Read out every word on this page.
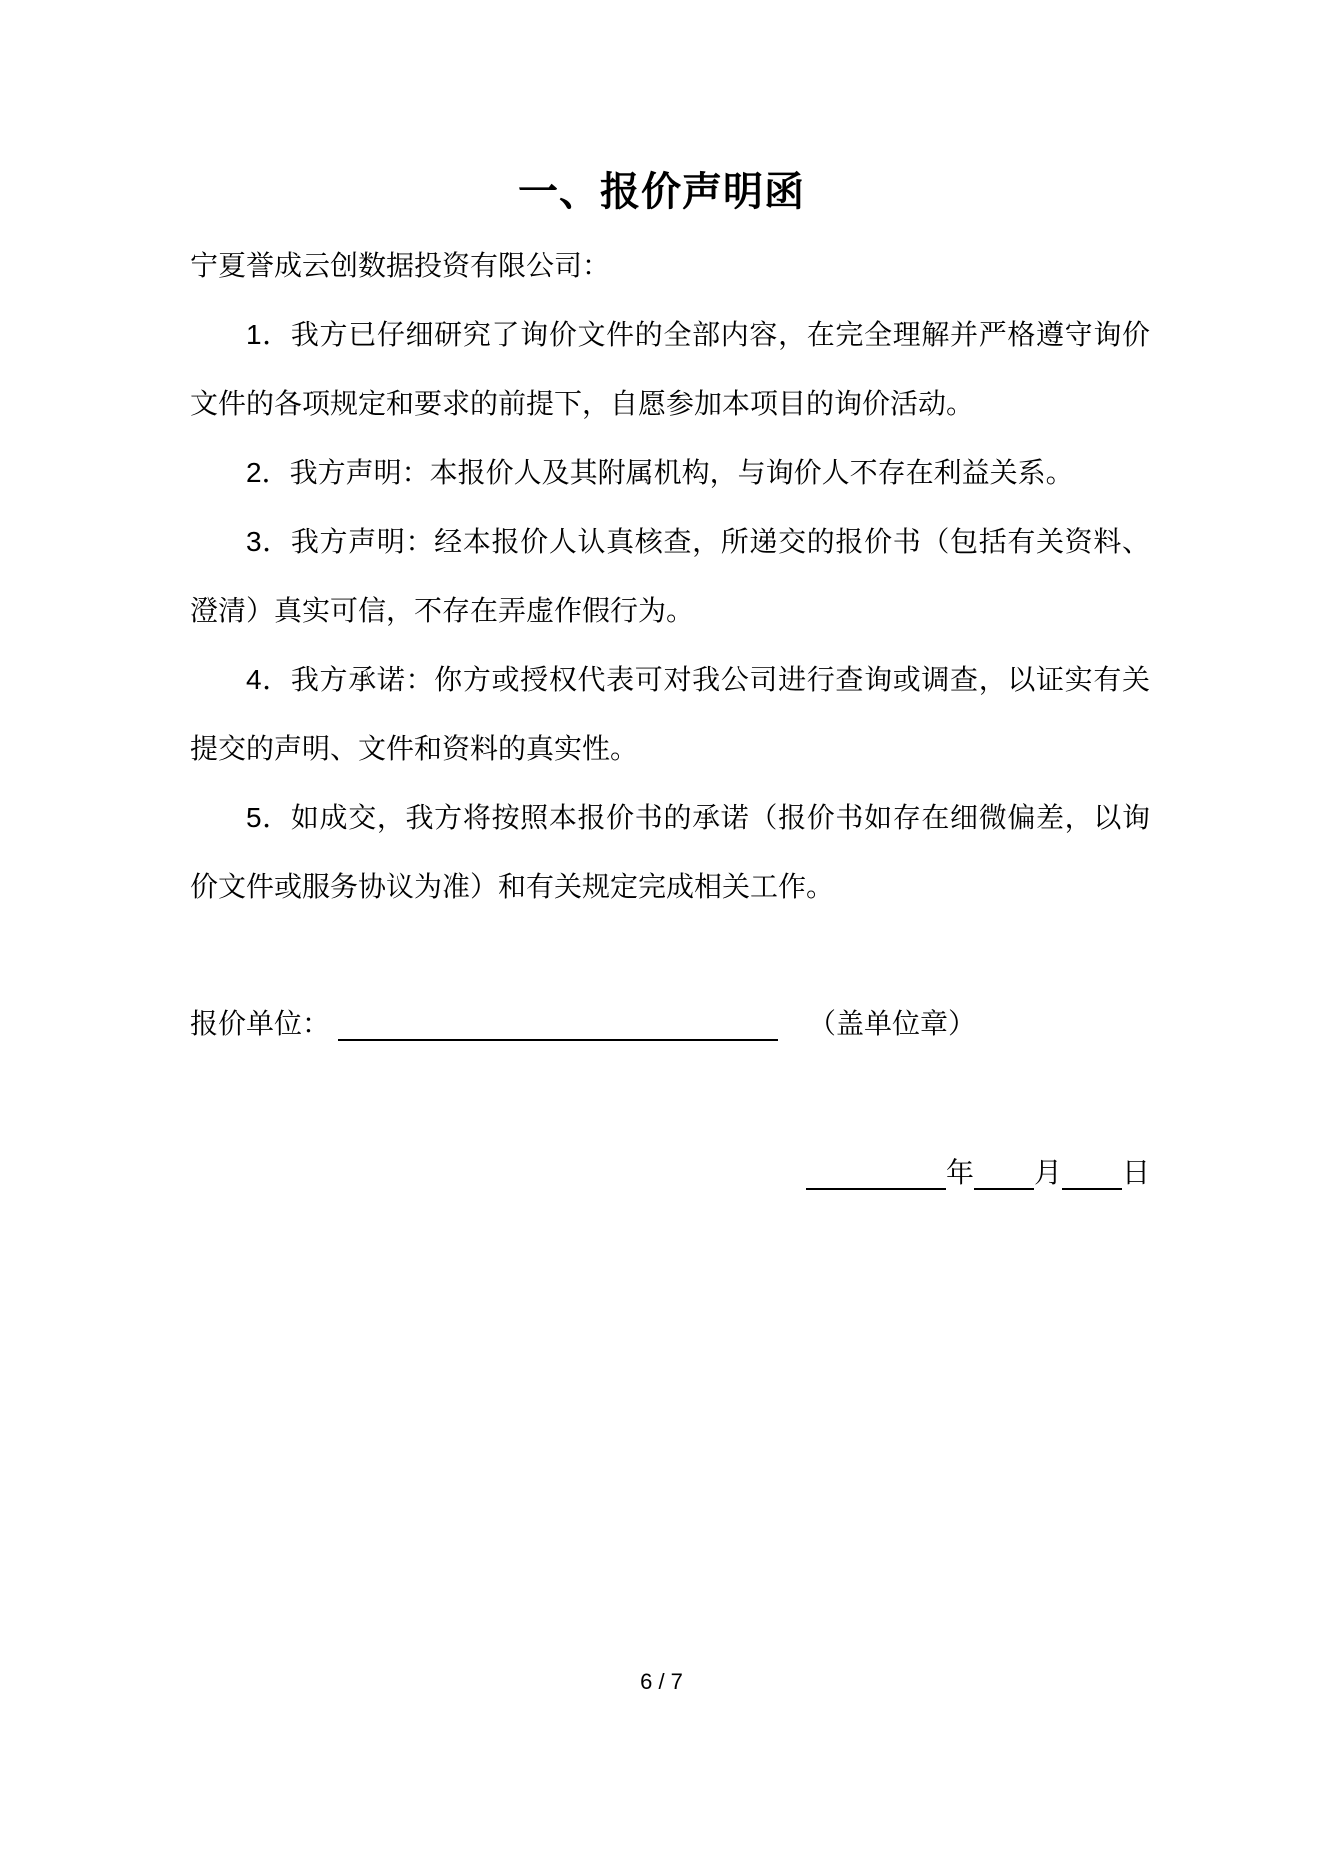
一、报价声明函

宁夏誉成云创数据投资有限公司：

1．我方已仔细研究了询价文件的全部内容，在完全理解并严格遵守询价文件的各项规定和要求的前提下，自愿参加本项目的询价活动。

2．我方声明：本报价人及其附属机构，与询价人不存在利益关系。

3．我方声明：经本报价人认真核查，所递交的报价书（包括有关资料、澄清）真实可信，不存在弄虚作假行为。

4．我方承诺：你方或授权代表可对我公司进行查询或调查，以证实有关提交的声明、文件和资料的真实性。

5．如成交，我方将按照本报价书的承诺（报价书如存在细微偏差，以询价文件或服务协议为准）和有关规定完成相关工作。

报价单位：	（盖单位章）
年 月 日
6 / 7
